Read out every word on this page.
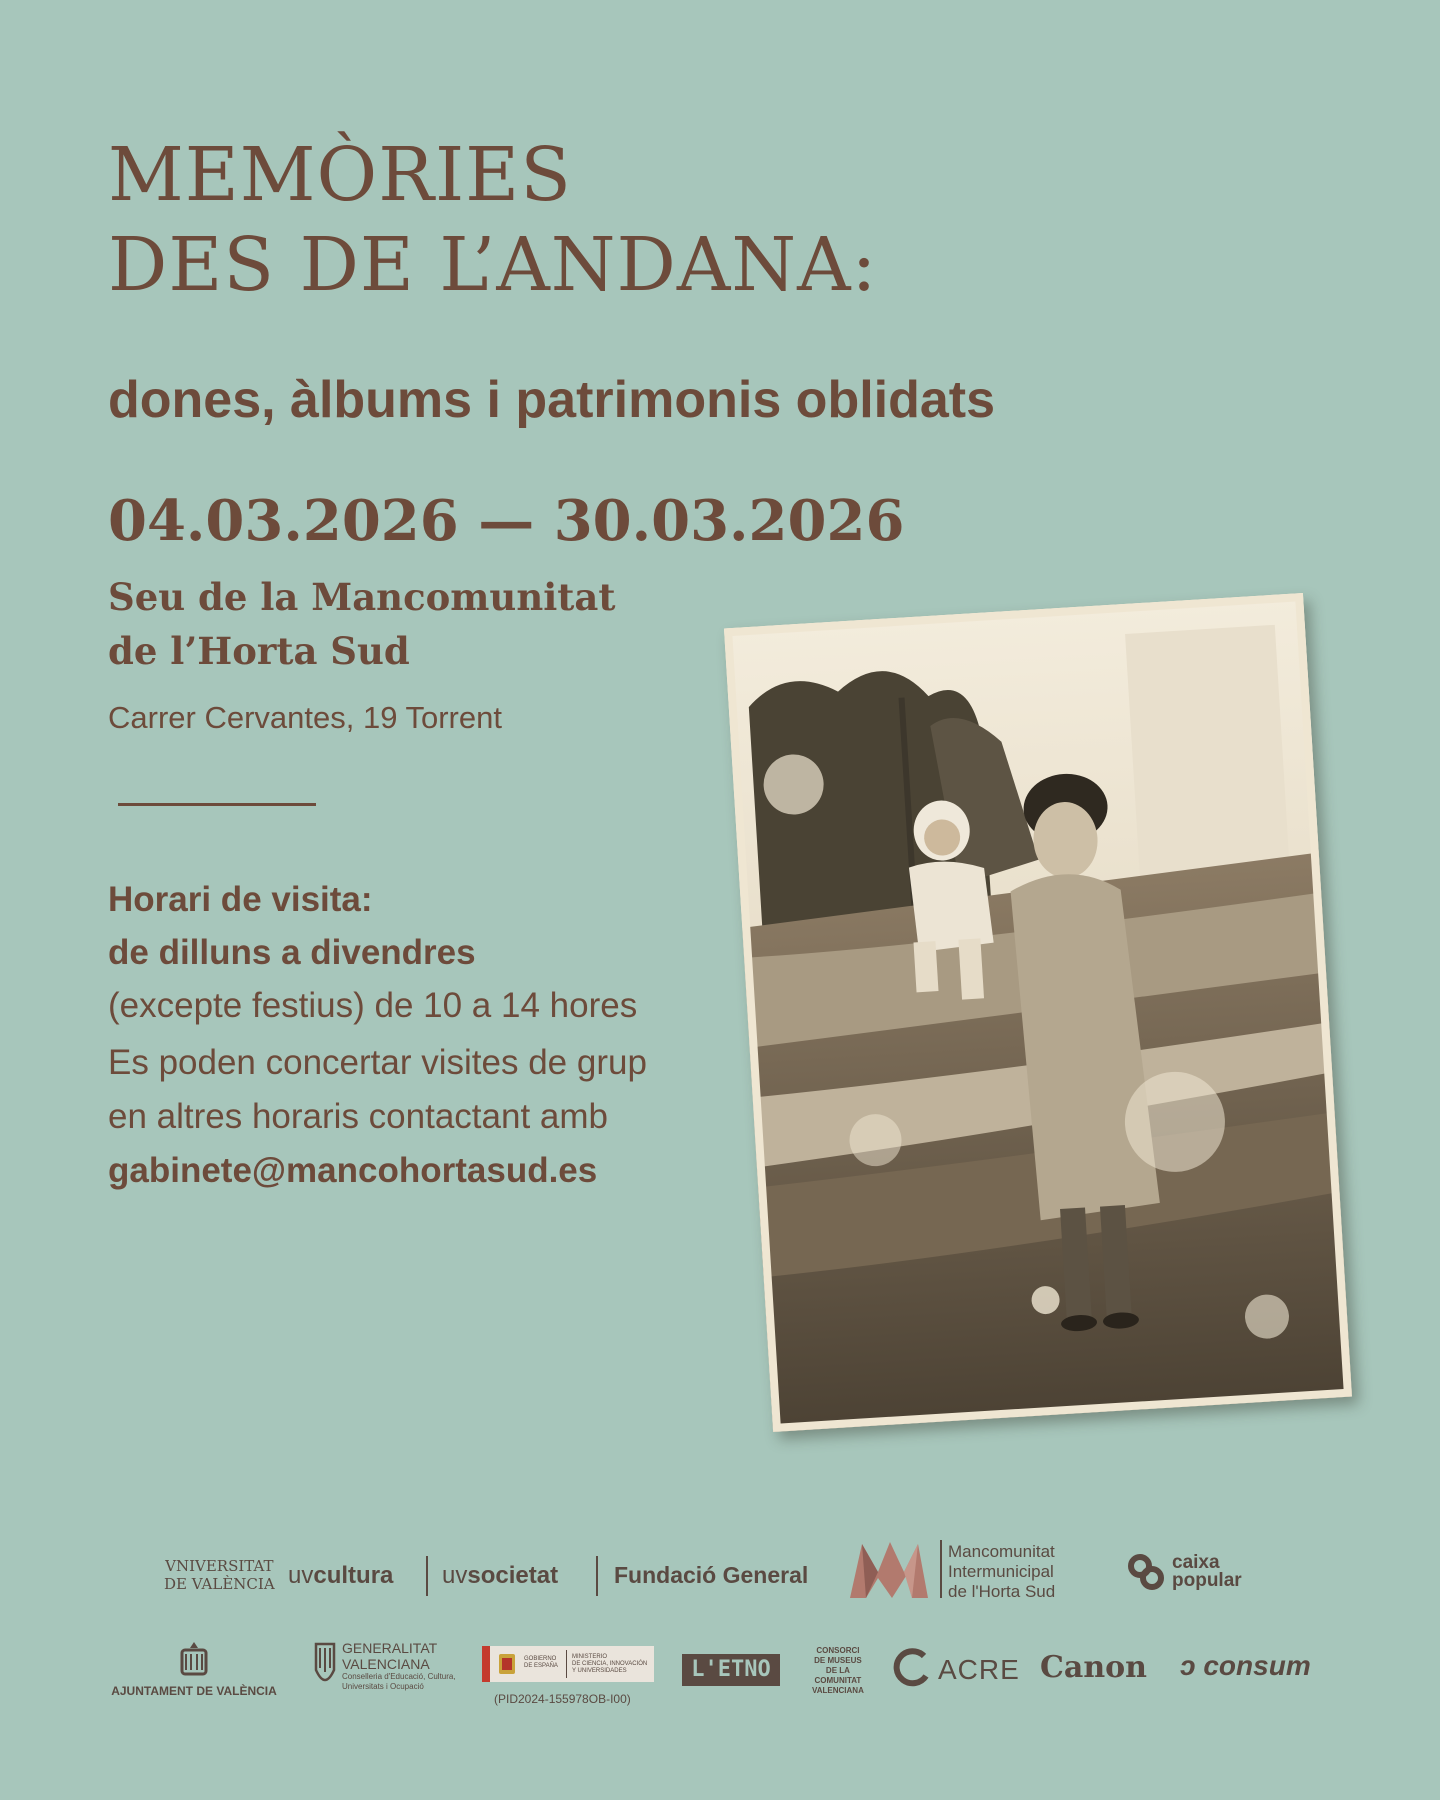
MEMÒRIES
DES DE L’ANDANA:
dones, àlbums i patrimonis oblidats
04.03.2026 — 30.03.2026
Seu de la Mancomunitat
de l’Horta Sud
Carrer Cervantes, 19 Torrent
Horari de visita:
de dilluns a divendres
(excepte festius) de 10 a 14 hores
Es poden concertar visites de grup
en altres horaris contactant amb
gabinete@mancohortasud.es
VNIVERSITAT
DE VALÈNCIA uvcultura uvsocietat Fundació General
Mancomunitat
Intermunicipal
de l'Horta Sud
caixa
popular
AJUNTAMENT DE VALÈNCIA
GENERALITAT
VALENCIANA
Conselleria d'Educació, Cultura,
Universitats i Ocupació
GOBIERNO
DE ESPAÑA
MINISTERIO
DE CIENCIA, INNOVACIÓN
Y UNIVERSIDADES
(PID2024-155978OB-I00)
L'ETNO
CONSORCI
DE MUSEUS
DE LA
COMUNITAT
VALENCIANA
ACRE Canon ↄ consum
